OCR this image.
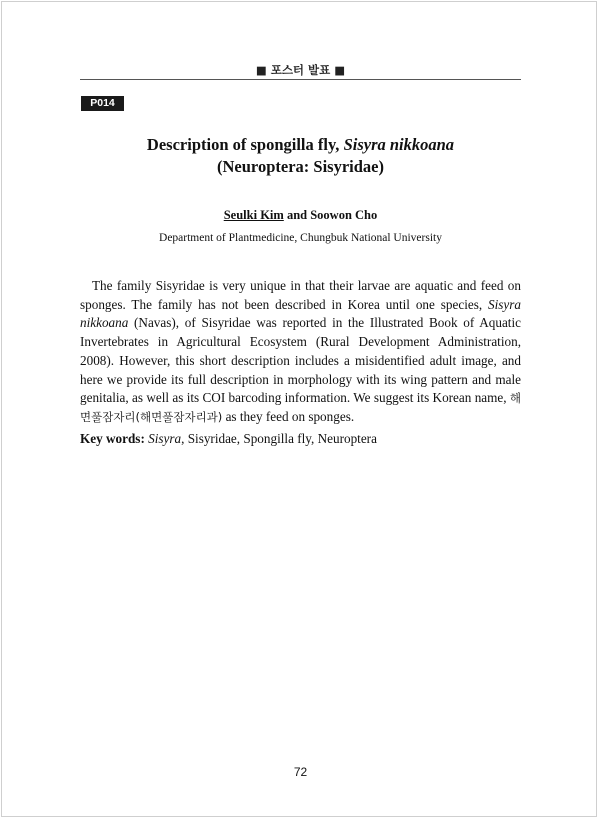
■ 포스터 발표 ■
P014
Description of spongilla fly, Sisyra nikkoana
(Neuroptera: Sisyridae)
Seulki Kim and Soowon Cho
Department of Plantmedicine, Chungbuk National University

The family Sisyridae is very unique in that their larvae are aquatic and feed on sponges. The family has not been described in Korea until one species, Sisyra nikkoana (Navas), of Sisyridae was reported in the Illustrated Book of Aquatic Invertebrates in Agricultural Ecosystem (Rural Development Administration, 2008). However, this short description includes a misidentified adult image, and here we provide its full description in morphology with its wing pattern and male genitalia, as well as its COI barcoding information. We suggest its Korean name, 해면풀잠자리(해면풀잠자리과) as they feed on sponges.

Key words: Sisyra, Sisyridae, Spongilla fly, Neuroptera
72
